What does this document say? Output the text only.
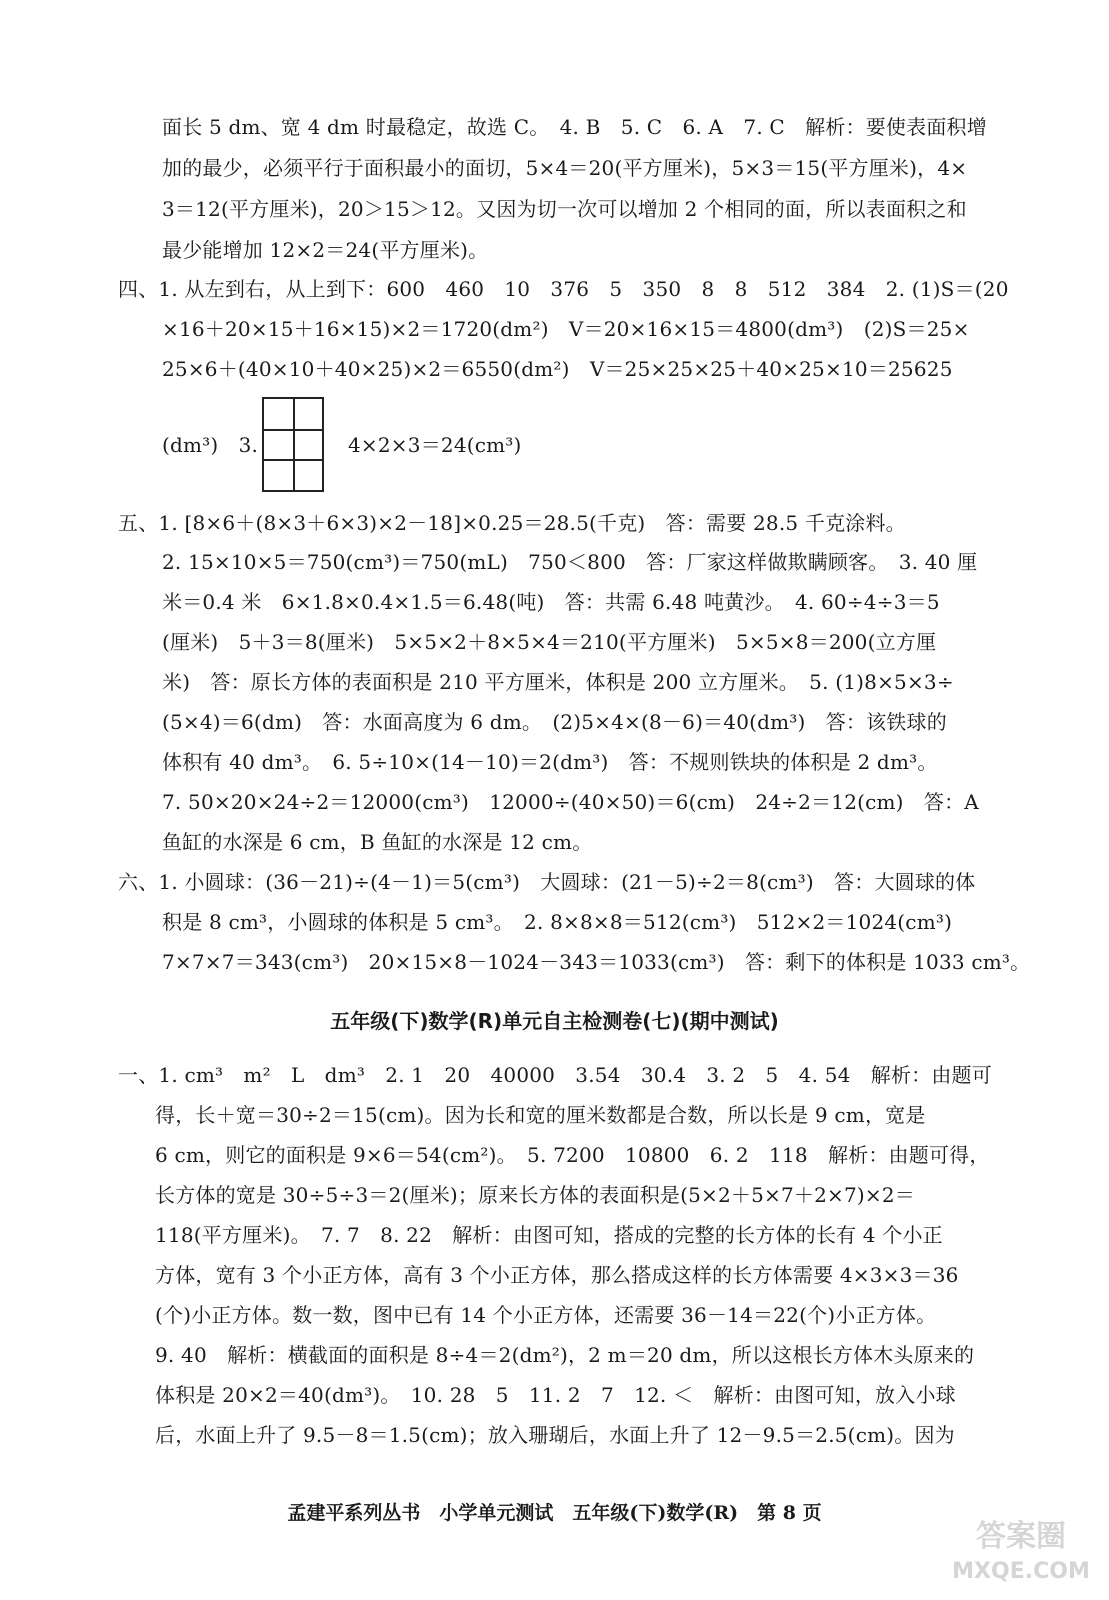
面长 5 dm、宽 4 dm 时最稳定，故选 C。　4. B　5. C　6. A　7. C　解析：要使表面积增
加的最少，必须平行于面积最小的面切，5×4＝20(平方厘米)，5×3＝15(平方厘米)，4×
3＝12(平方厘米)，20＞15＞12。又因为切一次可以增加 2 个相同的面，所以表面积之和
最少能增加 12×2＝24(平方厘米)。
四、1. 从左到右，从上到下：600　460　10　376　5　350　8　8　512　384　2. (1)S＝(20
×16＋20×15＋16×15)×2＝1720(dm²)　V＝20×16×15＝4800(dm³)　(2)S＝25×
25×6＋(40×10＋40×25)×2＝6550(dm²)　V＝25×25×25＋40×25×10＝25625
(dm³)　3.	4×2×3＝24(cm³)
五、1. [8×6＋(8×3＋6×3)×2－18]×0.25＝28.5(千克)　答：需要 28.5 千克涂料。
2. 15×10×5＝750(cm³)＝750(mL)　750＜800　答：厂家这样做欺瞒顾客。　3. 40 厘
米＝0.4 米　6×1.8×0.4×1.5＝6.48(吨)　答：共需 6.48 吨黄沙。　4. 60÷4÷3＝5
(厘米)　5＋3＝8(厘米)　5×5×2＋8×5×4＝210(平方厘米)　5×5×8＝200(立方厘
米)　答：原长方体的表面积是 210 平方厘米，体积是 200 立方厘米。　5. (1)8×5×3÷
(5×4)＝6(dm)　答：水面高度为 6 dm。　(2)5×4×(8－6)＝40(dm³)　答：该铁球的
体积有 40 dm³。　6. 5÷10×(14－10)＝2(dm³)　答：不规则铁块的体积是 2 dm³。
7. 50×20×24÷2＝12000(cm³)　12000÷(40×50)＝6(cm)　24÷2＝12(cm)　答：A
鱼缸的水深是 6 cm，B 鱼缸的水深是 12 cm。
六、1. 小圆球：(36－21)÷(4－1)＝5(cm³)　大圆球：(21－5)÷2＝8(cm³)　答：大圆球的体
积是 8 cm³，小圆球的体积是 5 cm³。　2. 8×8×8＝512(cm³)　512×2＝1024(cm³)
7×7×7＝343(cm³)　20×15×8－1024－343＝1033(cm³)　答：剩下的体积是 1033 cm³。
五年级(下)数学(R)单元自主检测卷(七)(期中测试)
一、1. cm³　m²　L　dm³　2. 1　20　40000　3.54　30.4　3. 2　5　4. 54　解析：由题可
得，长＋宽＝30÷2＝15(cm)。因为长和宽的厘米数都是合数，所以长是 9 cm，宽是
6 cm，则它的面积是 9×6＝54(cm²)。　5. 7200　10800　6. 2　118　解析：由题可得，
长方体的宽是 30÷5÷3＝2(厘米)；原来长方体的表面积是(5×2＋5×7＋2×7)×2＝
118(平方厘米)。　7. 7　8. 22　解析：由图可知，搭成的完整的长方体的长有 4 个小正
方体，宽有 3 个小正方体，高有 3 个小正方体，那么搭成这样的长方体需要 4×3×3＝36
(个)小正方体。数一数，图中已有 14 个小正方体，还需要 36－14＝22(个)小正方体。
9. 40　解析：横截面的面积是 8÷4＝2(dm²)，2 m＝20 dm，所以这根长方体木头原来的
体积是 20×2＝40(dm³)。　10. 28　5　11. 2　7　12. ＜　解析：由图可知，放入小球
后，水面上升了 9.5－8＝1.5(cm)；放入珊瑚后，水面上升了 12－9.5＝2.5(cm)。因为
孟建平系列丛书　小学单元测试　五年级(下)数学(R)　第 8 页
答案圈
MXQE.COM
